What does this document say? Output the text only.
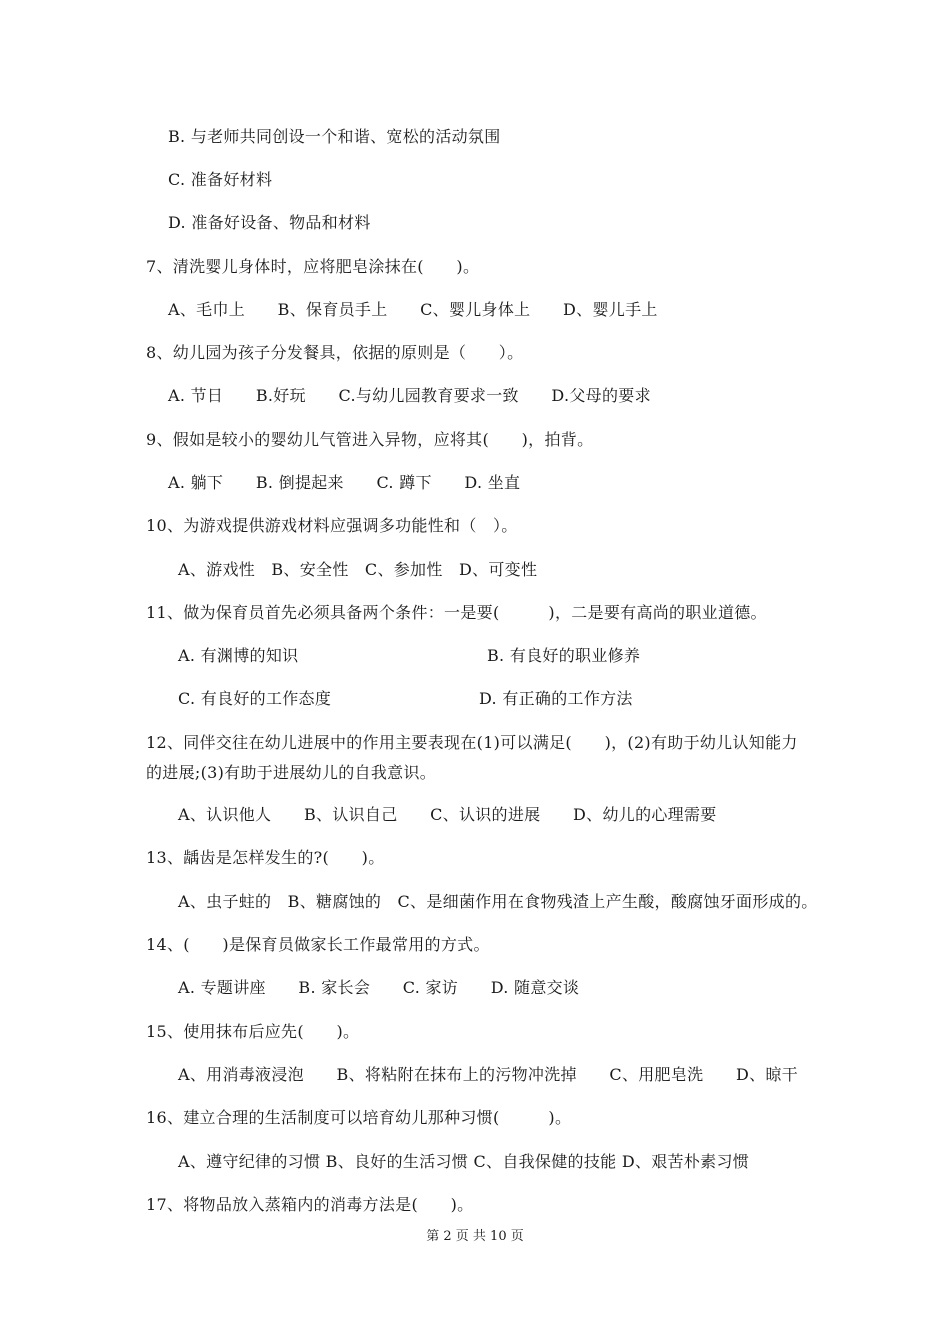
B. 与老师共同创设一个和谐、宽松的活动氛围
C. 准备好材料
D. 准备好设备、物品和材料
7、清洗婴儿身体时，应将肥皂涂抹在(　　)。
A、毛巾上　　B、保育员手上　　C、婴儿身体上　　D、婴儿手上
8、幼儿园为孩子分发餐具，依据的原则是（　　）。
A. 节日　　B.好玩　　C.与幼儿园教育要求一致　　D.父母的要求
9、假如是较小的婴幼儿气管进入异物，应将其(　　)，拍背。
A. 躺下　　B. 倒提起来　　C. 蹲下　　D. 坐直
10、为游戏提供游戏材料应强调多功能性和（　）。
A、游戏性　B、安全性　C、参加性　D、可变性
11、做为保育员首先必须具备两个条件：一是要(　　　)，二是要有高尚的职业道德。
A. 有渊博的知识	B. 有良好的职业修养
C. 有良好的工作态度	D. 有正确的工作方法
12、同伴交往在幼儿进展中的作用主要表现在(1)可以满足(　　)，(2)有助于幼儿认知能力
的进展;(3)有助于进展幼儿的自我意识。
A、认识他人　　B、认识自己　　C、认识的进展　　D、幼儿的心理需要
13、龋齿是怎样发生的?(　　)。
A、虫子蛀的　B、糖腐蚀的　C、是细菌作用在食物残渣上产生酸，酸腐蚀牙面形成的。
14、(　　)是保育员做家长工作最常用的方式。
A. 专题讲座　　B. 家长会　　C. 家访　　D. 随意交谈
15、使用抹布后应先(　　)。
A、用消毒液浸泡　　B、将粘附在抹布上的污物冲洗掉　　C、用肥皂洗　　D、晾干
16、建立合理的生活制度可以培育幼儿那种习惯(　　　)。
A、遵守纪律的习惯 B、良好的生活习惯 C、自我保健的技能 D、艰苦朴素习惯
17、将物品放入蒸箱内的消毒方法是(　　)。
第 2 页 共 10 页
